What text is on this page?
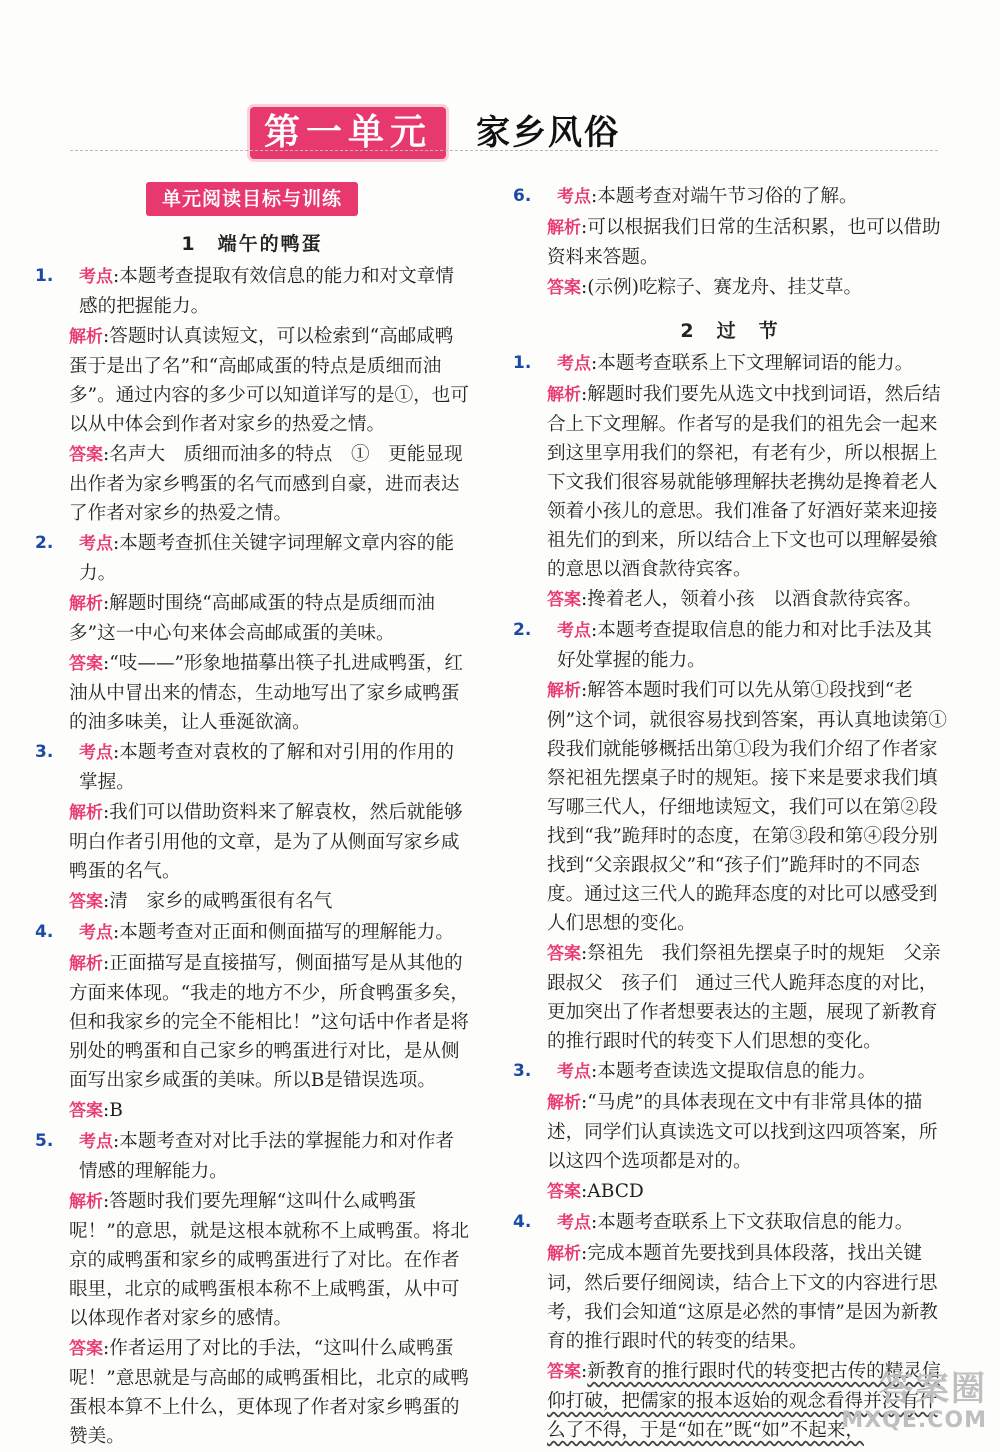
第一单元	家乡风俗
单元阅读目标与训练
1　端午的鸭蛋
1. 考点:本题考查提取有效信息的能力和对文章情感的把握能力。
解析:答题时认真读短文，可以检索到“高邮咸鸭蛋于是出了名”和“高邮咸蛋的特点是质细而油多”。通过内容的多少可以知道详写的是①，也可以从中体会到作者对家乡的热爱之情。
答案:名声大　质细而油多的特点　①　更能显现出作者为家乡鸭蛋的名气而感到自豪，进而表达了作者对家乡的热爱之情。
2. 考点:本题考查抓住关键字词理解文章内容的能力。
解析:解题时围绕“高邮咸蛋的特点是质细而油多”这一中心句来体会高邮咸蛋的美味。
答案:“吱——”形象地描摹出筷子扎进咸鸭蛋，红油从中冒出来的情态，生动地写出了家乡咸鸭蛋的油多味美，让人垂涎欲滴。
3. 考点:本题考查对袁枚的了解和对引用的作用的掌握。
解析:我们可以借助资料来了解袁枚，然后就能够明白作者引用他的文章，是为了从侧面写家乡咸鸭蛋的名气。
答案:清　家乡的咸鸭蛋很有名气
4. 考点:本题考查对正面和侧面描写的理解能力。
解析:正面描写是直接描写，侧面描写是从其他的方面来体现。“我走的地方不少，所食鸭蛋多矣，但和我家乡的完全不能相比！”这句话中作者是将别处的鸭蛋和自己家乡的鸭蛋进行对比，是从侧面写出家乡咸蛋的美味。所以B是错误选项。
答案:B
5. 考点:本题考查对对比手法的掌握能力和对作者情感的理解能力。
解析:答题时我们要先理解“这叫什么咸鸭蛋呢！”的意思，就是这根本就称不上咸鸭蛋。将北京的咸鸭蛋和家乡的咸鸭蛋进行了对比。在作者眼里，北京的咸鸭蛋根本称不上咸鸭蛋，从中可以体现作者对家乡的感情。
答案:作者运用了对比的手法，“这叫什么咸鸭蛋呢！”意思就是与高邮的咸鸭蛋相比，北京的咸鸭蛋根本算不上什么，更体现了作者对家乡鸭蛋的赞美。
6. 考点:本题考查对端午节习俗的了解。
解析:可以根据我们日常的生活积累，也可以借助资料来答题。
答案:(示例)吃粽子、赛龙舟、挂艾草。
2　过　节
1. 考点:本题考查联系上下文理解词语的能力。
解析:解题时我们要先从选文中找到词语，然后结合上下文理解。作者写的是我们的祖先会一起来到这里享用我们的祭祀，有老有少，所以根据上下文我们很容易就能够理解扶老携幼是搀着老人领着小孩儿的意思。我们准备了好酒好菜来迎接祖先们的到来，所以结合上下文也可以理解晏飨的意思以酒食款待宾客。
答案:搀着老人，领着小孩　以酒食款待宾客。
2. 考点:本题考查提取信息的能力和对比手法及其好处掌握的能力。
解析:解答本题时我们可以先从第①段找到“老例”这个词，就很容易找到答案，再认真地读第①段我们就能够概括出第①段为我们介绍了作者家祭祀祖先摆桌子时的规矩。接下来是要求我们填写哪三代人，仔细地读短文，我们可以在第②段找到“我”跪拜时的态度，在第③段和第④段分别找到“父亲跟叔父”和“孩子们”跪拜时的不同态度。通过这三代人的跪拜态度的对比可以感受到人们思想的变化。
答案:祭祖先　我们祭祖先摆桌子时的规矩　父亲跟叔父　孩子们　通过三代人跪拜态度的对比，更加突出了作者想要表达的主题，展现了新教育的推行跟时代的转变下人们思想的变化。
3. 考点:本题考查读选文提取信息的能力。
解析:“马虎”的具体表现在文中有非常具体的描述，同学们认真读选文可以找到这四项答案，所以这四个选项都是对的。
答案:ABCD
4. 考点:本题考查联系上下文获取信息的能力。
解析:完成本题首先要找到具体段落，找出关键词，然后要仔细阅读，结合上下文的内容进行思考，我们会知道“这原是必然的事情”是因为新教育的推行跟时代的转变的结果。
答案:新教育的推行跟时代的转变把古传的精灵信仰打破，把儒家的报本返始的观念看得并没有什么了不得，于是“如在”既“如”不起来，
答案圈
MXQE.COM
